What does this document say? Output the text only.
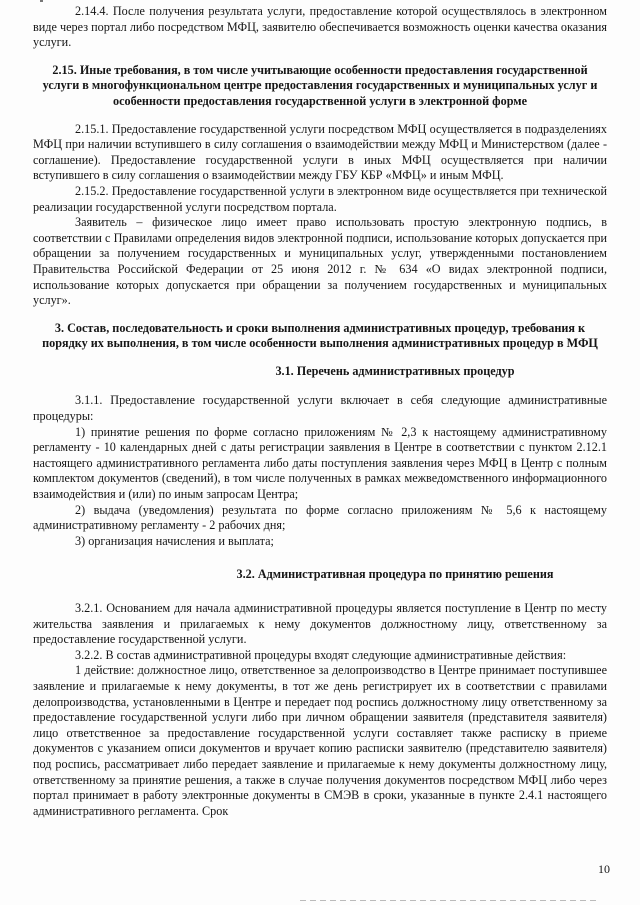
2.14.4. После получения результата услуги, предоставление которой осуществлялось в электронном виде через портал либо посредством МФЦ, заявителю обеспечивается возможность оценки качества оказания услуги.

2.15. Иные требования, в том числе учитывающие особенности предоставления государственной услуги в многофункциональном центре предоставления государственных и муниципальных услуг и особенности предоставления государственной услуги в электронной форме

2.15.1. Предоставление государственной услуги посредством МФЦ осуществляется в подразделениях МФЦ при наличии вступившего в силу соглашения о взаимодействии между МФЦ и Министерством (далее - соглашение). Предоставление государственной услуги в иных МФЦ осуществляется при наличии вступившего в силу соглашения о взаимодействии между ГБУ КБР «МФЦ» и иным МФЦ.

2.15.2. Предоставление государственной услуги в электронном виде осуществляется при технической реализации государственной услуги посредством портала.

Заявитель – физическое лицо имеет право использовать простую электронную подпись, в соответствии с Правилами определения видов электронной подписи, использование которых допускается при обращении за получением государственных и муниципальных услуг, утвержденными постановлением Правительства Российской Федерации от 25 июня 2012 г. № 634 «О видах электронной подписи, использование которых допускается при обращении за получением государственных и муниципальных услуг».

3. Состав, последовательность и сроки выполнения административных процедур, требования к порядку их выполнения, в том числе особенности выполнения административных процедур в МФЦ

3.1. Перечень административных процедур

3.1.1. Предоставление государственной услуги включает в себя следующие административные процедуры:

1) принятие решения по форме согласно приложениям № 2,3 к настоящему административному регламенту - 10 календарных дней с даты регистрации заявления в Центре в соответствии с пунктом 2.12.1 настоящего административного регламента либо даты поступления заявления через МФЦ в Центр с полным комплектом документов (сведений), в том числе полученных в рамках межведомственного информационного взаимодействия и (или) по иным запросам Центра;

2) выдача (уведомления) результата по форме согласно приложениям № 5,6 к настоящему административному регламенту - 2 рабочих дня;

3) организация начисления и выплата;

3.2. Административная процедура по принятию решения

3.2.1. Основанием для начала административной процедуры является поступление в Центр по месту жительства заявления и прилагаемых к нему документов должностному лицу, ответственному за предоставление государственной услуги.

3.2.2. В состав административной процедуры входят следующие административные действия:

1 действие: должностное лицо, ответственное за делопроизводство в Центре принимает поступившее заявление и прилагаемые к нему документы, в тот же день регистрирует их в соответствии с правилами делопроизводства, установленными в Центре и передает под роспись должностному лицу ответственному за предоставление государственной услуги либо при личном обращении заявителя (представителя заявителя) лицо ответственное за предоставление государственной услуги составляет также расписку в приеме документов с указанием описи документов и вручает копию расписки заявителю (представителю заявителя) под роспись, рассматривает либо передает заявление и прилагаемые к нему документы должностному лицу, ответственному за принятие решения, а также в случае получения документов посредством МФЦ либо через портал принимает в работу электронные документы в СМЭВ в сроки, указанные в пункте 2.4.1 настоящего административного регламента. Срок

10
